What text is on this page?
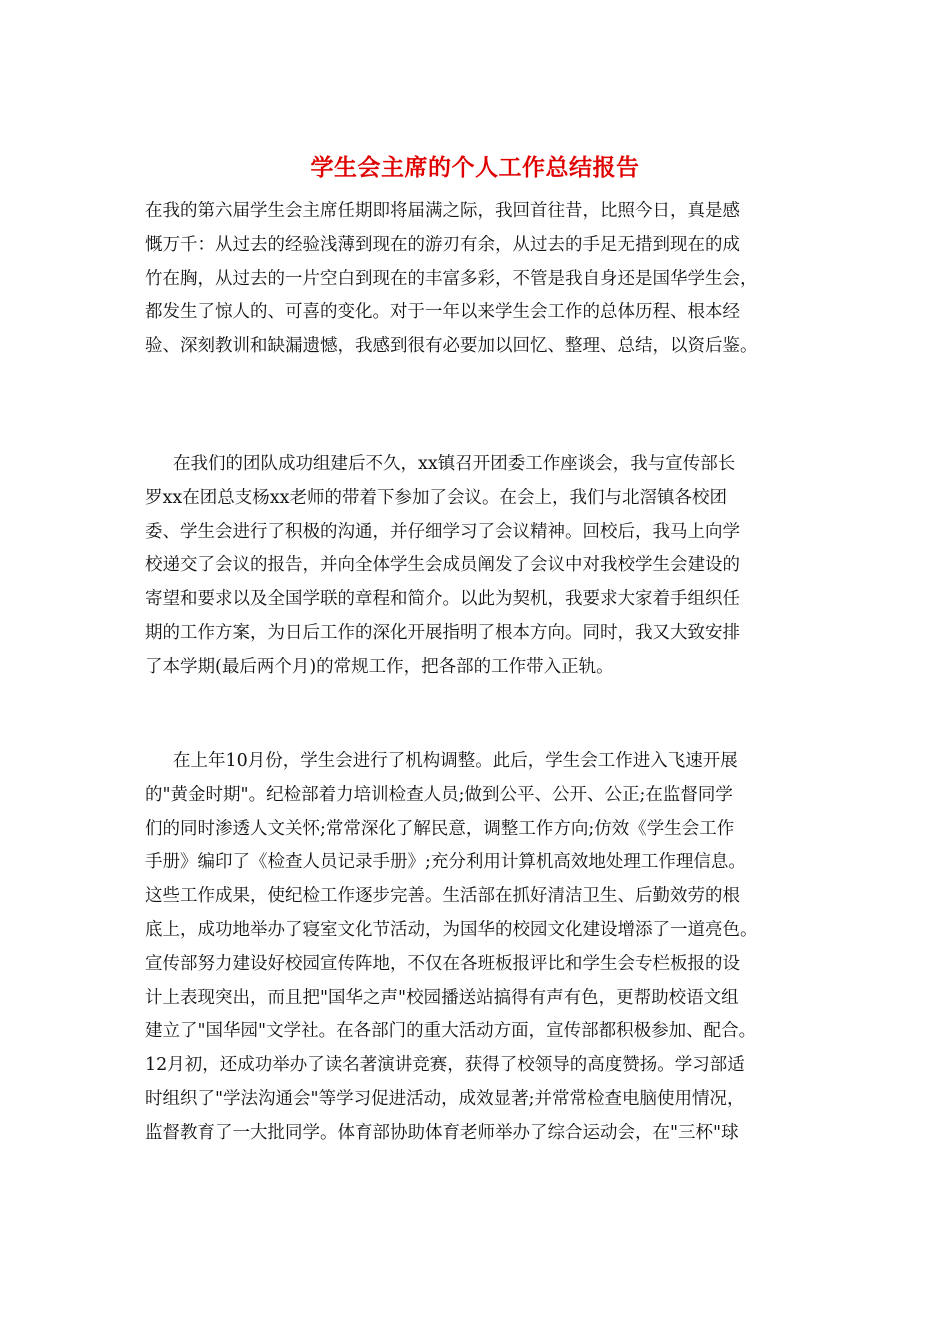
学生会主席的个人工作总结报告
在我的第六届学生会主席任期即将届满之际，我回首往昔，比照今日，真是感
慨万千：从过去的经验浅薄到现在的游刃有余，从过去的手足无措到现在的成
竹在胸，从过去的一片空白到现在的丰富多彩，不管是我自身还是国华学生会，
都发生了惊人的、可喜的变化。对于一年以来学生会工作的总体历程、根本经
验、深刻教训和缺漏遗憾，我感到很有必要加以回忆、整理、总结，以资后鉴。
在我们的团队成功组建后不久，xx镇召开团委工作座谈会，我与宣传部长
罗xx在团总支杨xx老师的带着下参加了会议。在会上，我们与北滘镇各校团
委、学生会进行了积极的沟通，并仔细学习了会议精神。回校后，我马上向学
校递交了会议的报告，并向全体学生会成员阐发了会议中对我校学生会建设的
寄望和要求以及全国学联的章程和简介。以此为契机，我要求大家着手组织任
期的工作方案，为日后工作的深化开展指明了根本方向。同时，我又大致安排
了本学期(最后两个月)的常规工作，把各部的工作带入正轨。
在上年10月份，学生会进行了机构调整。此后，学生会工作进入飞速开展
的"黄金时期"。纪检部着力培训检查人员;做到公平、公开、公正;在监督同学
们的同时渗透人文关怀;常常深化了解民意，调整工作方向;仿效《学生会工作
手册》编印了《检查人员记录手册》;充分利用计算机高效地处理工作理信息。
这些工作成果，使纪检工作逐步完善。生活部在抓好清洁卫生、后勤效劳的根
底上，成功地举办了寝室文化节活动，为国华的校园文化建设增添了一道亮色。
宣传部努力建设好校园宣传阵地，不仅在各班板报评比和学生会专栏板报的设
计上表现突出，而且把"国华之声"校园播送站搞得有声有色，更帮助校语文组
建立了"国华园"文学社。在各部门的重大活动方面，宣传部都积极参加、配合。
12月初，还成功举办了读名著演讲竞赛，获得了校领导的高度赞扬。学习部适
时组织了"学法沟通会"等学习促进活动，成效显著;并常常检查电脑使用情况，
监督教育了一大批同学。体育部协助体育老师举办了综合运动会，在"三杯"球
